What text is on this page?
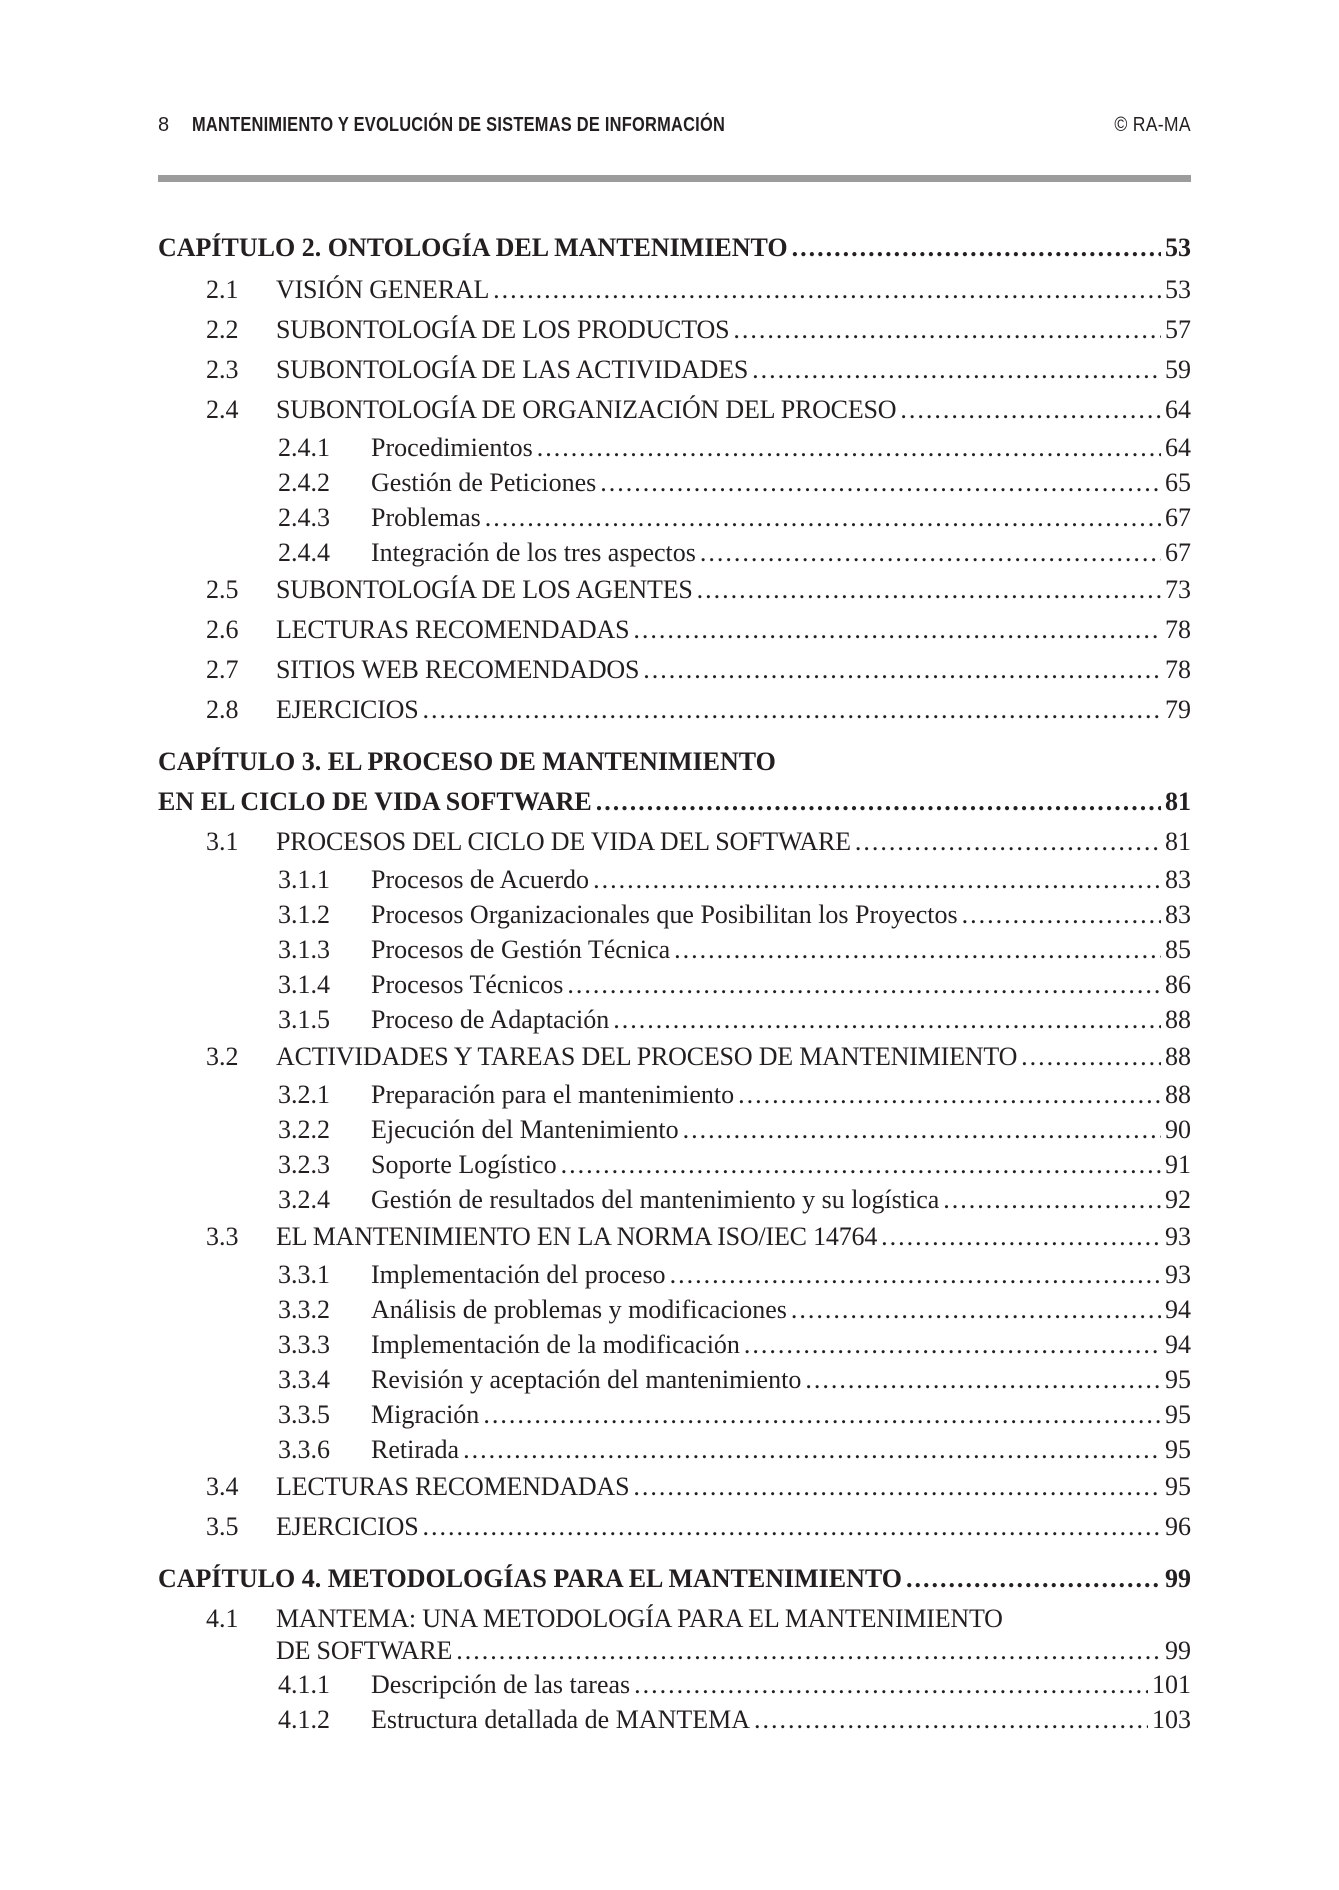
8 MANTENIMIENTO Y EVOLUCIÓN DE SISTEMAS DE INFORMACIÓN	© RA-MA
CAPÍTULO 2. ONTOLOGÍA DEL MANTENIMIENTO .....	53
2.1 VISIÓN GENERAL .....	53
2.2 SUBONTOLOGÍA DE LOS PRODUCTOS .....	57
2.3 SUBONTOLOGÍA DE LAS ACTIVIDADES .....	59
2.4 SUBONTOLOGÍA DE ORGANIZACIÓN DEL PROCESO .....	64
2.4.1 Procedimientos .....	64
2.4.2 Gestión de Peticiones .....	65
2.4.3 Problemas .....	67
2.4.4 Integración de los tres aspectos .....	67
2.5 SUBONTOLOGÍA DE LOS AGENTES .....	73
2.6 LECTURAS RECOMENDADAS .....	78
2.7 SITIOS WEB RECOMENDADOS .....	78
2.8 EJERCICIOS .....	79
CAPÍTULO 3. EL PROCESO DE MANTENIMIENTO
EN EL CICLO DE VIDA SOFTWARE .....	81
3.1 PROCESOS DEL CICLO DE VIDA DEL SOFTWARE .....	81
3.1.1 Procesos de Acuerdo .....	83
3.1.2 Procesos Organizacionales que Posibilitan los Proyectos .....	83
3.1.3 Procesos de Gestión Técnica .....	85
3.1.4 Procesos Técnicos .....	86
3.1.5 Proceso de Adaptación .....	88
3.2 ACTIVIDADES Y TAREAS DEL PROCESO DE MANTENIMIENTO .....	88
3.2.1 Preparación para el mantenimiento .....	88
3.2.2 Ejecución del Mantenimiento .....	90
3.2.3 Soporte Logístico .....	91
3.2.4 Gestión de resultados del mantenimiento y su logística .....	92
3.3 EL MANTENIMIENTO EN LA NORMA ISO/IEC 14764 .....	93
3.3.1 Implementación del proceso .....	93
3.3.2 Análisis de problemas y modificaciones .....	94
3.3.3 Implementación de la modificación .....	94
3.3.4 Revisión y aceptación del mantenimiento .....	95
3.3.5 Migración .....	95
3.3.6 Retirada .....	95
3.4 LECTURAS RECOMENDADAS .....	95
3.5 EJERCICIOS .....	96
CAPÍTULO 4. METODOLOGÍAS PARA EL MANTENIMIENTO .....	99
4.1 MANTEMA: UNA METODOLOGÍA PARA EL MANTENIMIENTO
DE SOFTWARE .....	99
4.1.1 Descripción de las tareas .....	101
4.1.2 Estructura detallada de MANTEMA .....	103
